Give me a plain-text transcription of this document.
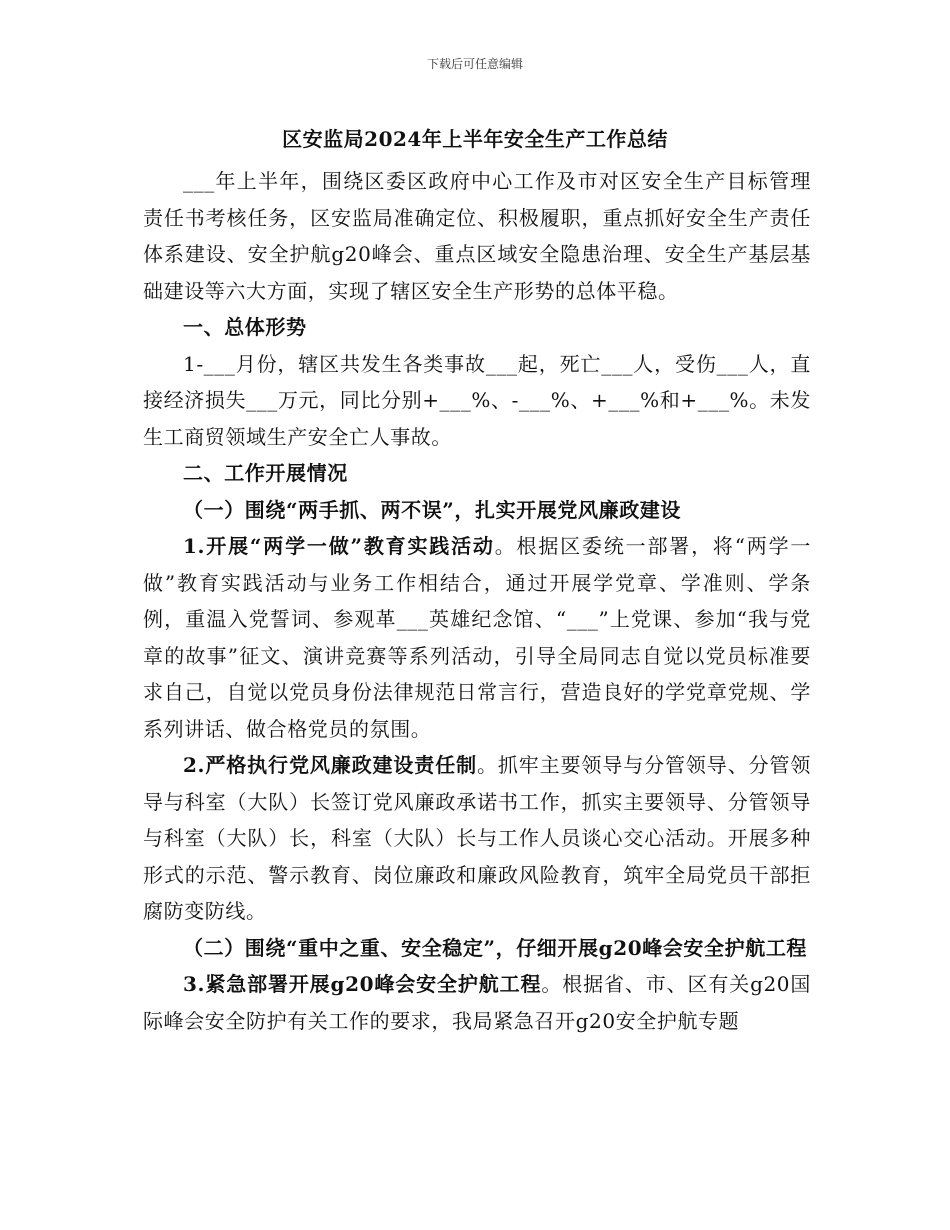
下载后可任意编辑
区安监局2024年上半年安全生产工作总结

___年上半年，围绕区委区政府中心工作及市对区安全生产目标管理责任书考核任务，区安监局准确定位、积极履职，重点抓好安全生产责任体系建设、安全护航g20峰会、重点区域安全隐患治理、安全生产基层基础建设等六大方面，实现了辖区安全生产形势的总体平稳。

一、总体形势

1-___月份，辖区共发生各类事故___起，死亡___人，受伤___人，直接经济损失___万元，同比分别+___%、-___%、+___%和+___%。未发生工商贸领域生产安全亡人事故。

二、工作开展情况

（一）围绕“两手抓、两不误”，扎实开展党风廉政建设

1.开展“两学一做”教育实践活动。根据区委统一部署，将“两学一做”教育实践活动与业务工作相结合，通过开展学党章、学准则、学条例，重温入党誓词、参观革___英雄纪念馆、“___”上党课、参加“我与党章的故事”征文、演讲竞赛等系列活动，引导全局同志自觉以党员标准要求自己，自觉以党员身份法律规范日常言行，营造良好的学党章党规、学系列讲话、做合格党员的氛围。

2.严格执行党风廉政建设责任制。抓牢主要领导与分管领导、分管领导与科室（大队）长签订党风廉政承诺书工作，抓实主要领导、分管领导与科室（大队）长，科室（大队）长与工作人员谈心交心活动。开展多种形式的示范、警示教育、岗位廉政和廉政风险教育，筑牢全局党员干部拒腐防变防线。

（二）围绕“重中之重、安全稳定”，仔细开展g20峰会安全护航工程

3.紧急部署开展g20峰会安全护航工程。根据省、市、区有关g20国际峰会安全防护有关工作的要求，我局紧急召开g20安全护航专题
